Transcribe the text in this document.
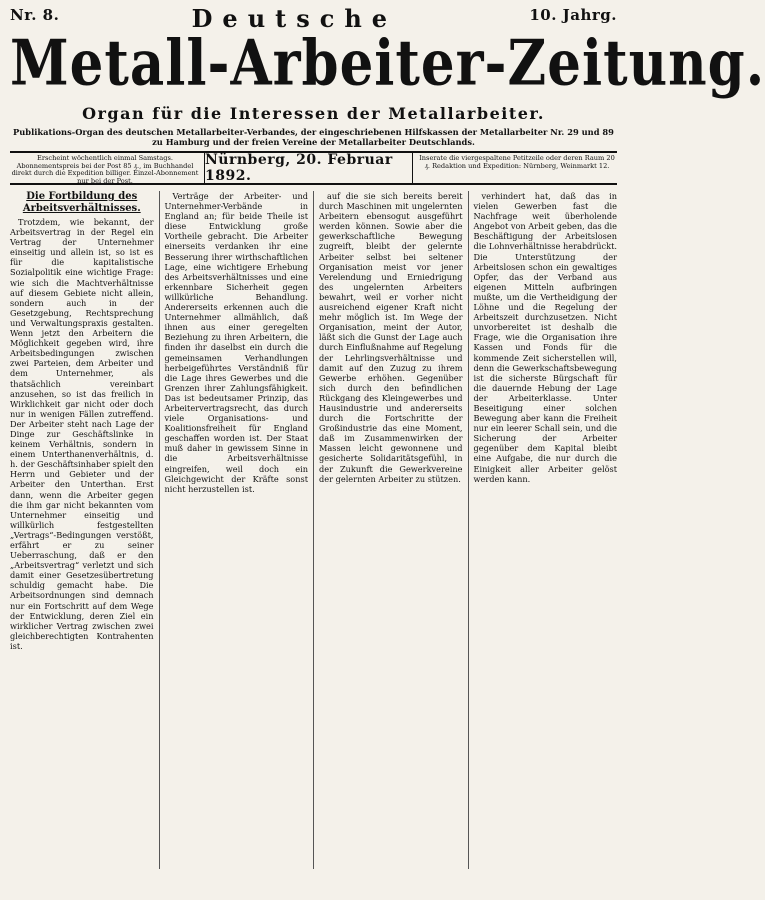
Nr. 8.	Deutsche	10. Jahrg.
Metall-Arbeiter-Zeitung.
Organ für die Interessen der Metallarbeiter.
Publikations-Organ des deutschen Metallarbeiter-Verbandes, der eingeschriebenen Hilfskassen der Metallarbeiter Nr. 29 und 89 zu Hamburg und der freien Vereine der Metallarbeiter Deutschlands.
Erscheint wöchentlich einmal Samstags. Abonnementspreis bei der Post 85 ₰., im Buchhandel direkt durch die Expedition billiger. Einzel-Abonnement nur bei der Post.
Nürnberg, 20. Februar 1892.
Inserate die viergespaltene Petitzeile oder deren Raum 20 ₰. Redaktion und Expedition: Nürnberg, Weinmarkt 12.
Die Fortbildung des Arbeitsverhältnisses.

Trotzdem, wie bekannt, der Arbeitsvertrag in der Regel ein Vertrag der Unternehmer einseitig und allein ist, so ist es für die kapitalistische Sozialpolitik eine wichtige Frage: wie sich die Machtverhältnisse auf diesem Gebiete nicht allein, sondern auch in der Gesetzgebung, Rechtsprechung und Verwaltungspraxis gestalten. Wenn jetzt den Arbeitern die Möglichkeit gegeben wird, ihre Arbeitsbedingungen zwischen zwei Parteien, dem Arbeiter und dem Unternehmer, als thatsächlich vereinbart anzusehen, so ist das freilich in Wirklichkeit gar nicht oder doch nur in wenigen Fällen zutreffend. Der Arbeiter steht nach Lage der Dinge zur Geschäftslinke in keinem Verhältnis, sondern in einem Unterthanenverhältnis, d. h. der Geschäftsinhaber spielt den Herrn und Gebieter und der Arbeiter den Unterthan. Erst dann, wenn die Arbeiter gegen die ihm gar nicht bekannten vom Unternehmer einseitig und willkürlich festgestellten „Vertrags“-Bedingungen verstößt, erfährt er zu seiner Ueberraschung, daß er den „Arbeitsvertrag“ verletzt und sich damit einer Gesetzesübertretung schuldig gemacht habe. Die Arbeitsordnungen sind demnach nur ein Fortschritt auf dem Wege der Entwicklung, deren Ziel ein wirklicher Vertrag zwischen zwei gleichberechtigten Kontrahenten ist.

Verträge der Arbeiter- und Unternehmer-Verbände in England an; für beide Theile ist diese Entwicklung große Vortheile gebracht. Die Arbeiter einerseits verdanken ihr eine Besserung ihrer wirthschaftlichen Lage, eine wichtigere Erhebung des Arbeitsverhältnisses und eine erkennbare Sicherheit gegen willkürliche Behandlung. Andererseits erkennen auch die Unternehmer allmählich, daß ihnen aus einer geregelten Beziehung zu ihren Arbeitern, die finden ihr daselbst ein durch die gemeinsamen Verhandlungen herbeigeführtes Verständniß für die Lage ihres Gewerbes und die Grenzen ihrer Zahlungsfähigkeit. Das ist bedeutsamer Prinzip, das Arbeitervertragsrecht, das durch viele Organisations- und Koalitionsfreiheit für England geschaffen worden ist. Der Staat muß daher in gewissem Sinne in die Arbeitsverhältnisse eingreifen, weil doch ein Gleichgewicht der Kräfte sonst nicht herzustellen ist.

auf die sie sich bereits bereit durch Maschinen mit ungelernten Arbeitern ebensogut ausgeführt werden können. Sowie aber die gewerkschaftliche Bewegung zugreift, bleibt der gelernte Arbeiter selbst bei seltener Organisation meist vor jener Verelendung und Erniedrigung des ungelernten Arbeiters bewahrt, weil er vorher nicht ausreichend eigener Kraft nicht mehr möglich ist. Im Wege der Organisation, meint der Autor, läßt sich die Gunst der Lage auch durch Einflußnahme auf Regelung der Lehrlingsverhältnisse und damit auf den Zuzug zu ihrem Gewerbe erhöhen. Gegenüber sich durch den befindlichen Rückgang des Kleingewerbes und Hausindustrie und andererseits durch die Fortschritte der Großindustrie das eine Moment, daß im Zusammenwirken der Massen leicht gewonnene und gesicherte Solidaritätsgefühl, in der Zukunft die Gewerkvereine der gelernten Arbeiter zu stützen.

verhindert hat, daß das in vielen Gewerben fast die Nachfrage weit überholende Angebot von Arbeit geben, das die Beschäftigung der Arbeitslosen die Lohnverhältnisse herabdrückt. Die Unterstützung der Arbeitslosen schon ein gewaltiges Opfer, das der Verband aus eigenen Mitteln aufbringen mußte, um die Vertheidigung der Löhne und die Regelung der Arbeitszeit durchzusetzen. Nicht unvorbereitet ist deshalb die Frage, wie die Organisation ihre Kassen und Fonds für die kommende Zeit sicherstellen will, denn die Gewerkschaftsbewegung ist die sicherste Bürgschaft für die dauernde Hebung der Lage der Arbeiterklasse. Unter Beseitigung einer solchen Bewegung aber kann die Freiheit nur ein leerer Schall sein, und die Sicherung der Arbeiter gegenüber dem Kapital bleibt eine Aufgabe, die nur durch die Einigkeit aller Arbeiter gelöst werden kann.
